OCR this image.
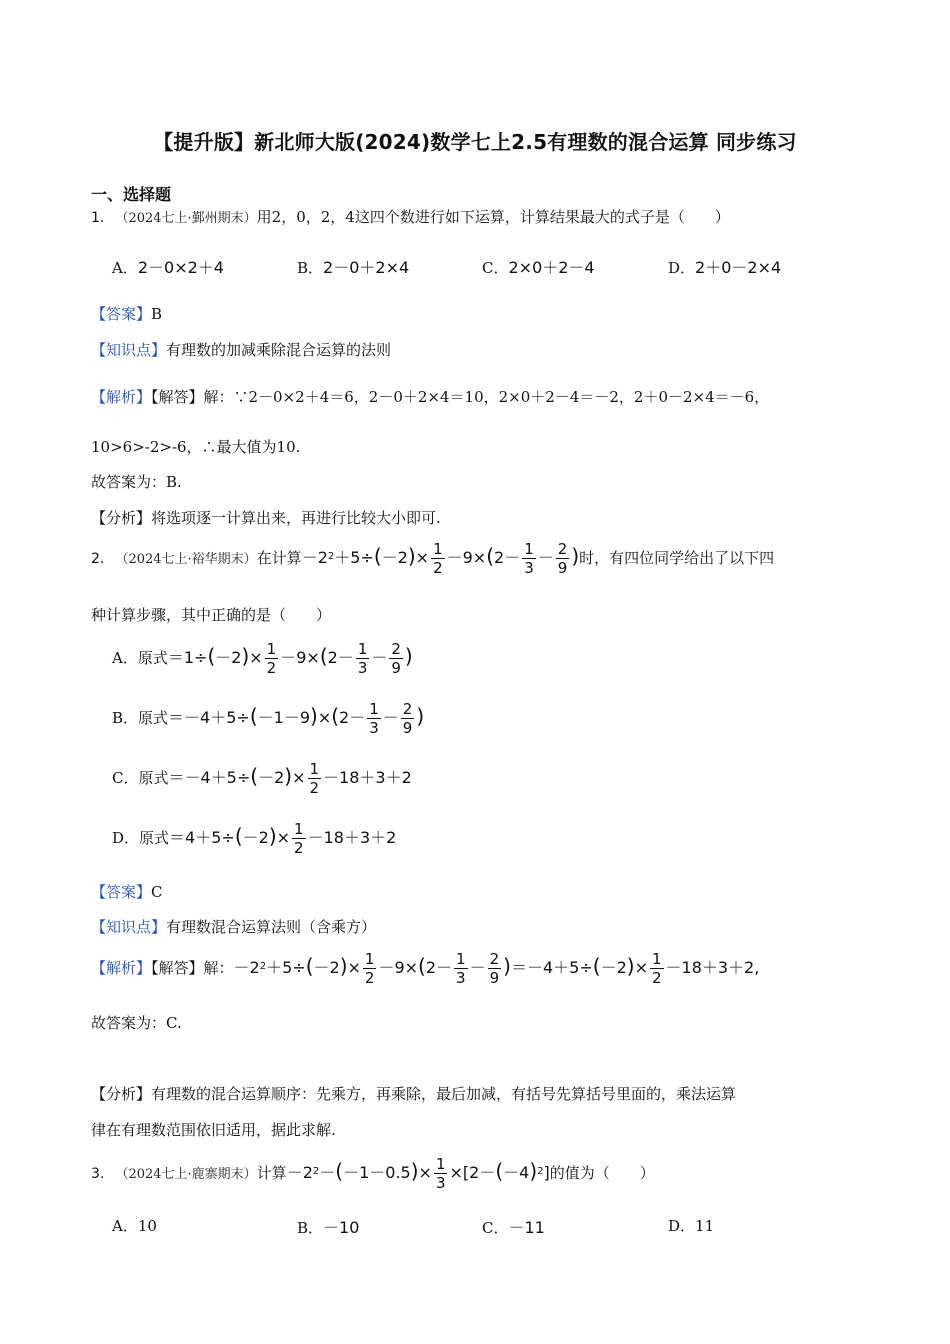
【提升版】新北师大版(2024)数学七上2.5有理数的混合运算 同步练习
一、选择题
1. （2024七上·鄞州期末）用2，0，2，4这四个数进行如下运算，计算结果最大的式子是（　　）
A．2－0×2＋4	B．2－0＋2×4	C．2×0＋2－4	D．2＋0－2×4
【答案】B
【知识点】有理数的加减乘除混合运算的法则
【解析】【解答】解：∵2－0×2＋4＝6，2－0＋2×4＝10，2×0＋2－4＝－2，2＋0－2×4＝－6，
10>6>-2>-6，∴最大值为10.
故答案为：B.
【分析】将选项逐一计算出来，再进行比较大小即可.
2. （2024七上·裕华期末）在计算$-2^2+5\div(-2)\times \frac{1}{2} -9\times(2- \frac{1}{3} - \frac{2}{9}$ )时，有四位同学给出了以下四
种计算步骤，其中正确的是（　　）
A．原式$=1\div(-2)\times \frac{1}{2} -9\times(2- \frac{1}{3} - \frac{2}{9}$ )
B．原式$=-4+5\div(-1-9)\times(2- \frac{1}{3} - \frac{2}{9}$ )
C．原式$=-4+5\div(-2)\times \frac{1}{2} -18+3+2$
D．原式$=4+5\div(-2)\times \frac{1}{2} -18+3+2$
【答案】C
【知识点】有理数混合运算法则（含乘方）
【解析】【解答】解：$-2^2+5\div(-2)\times \frac{1}{2} -9\times(2- \frac{1}{3} - \frac{2}{9} )=-4+5\div(-2)\times \frac{1}{2} -18+3+2$,
故答案为：C.
【分析】有理数的混合运算顺序：先乘方，再乘除，最后加减，有括号先算括号里面的，乘法运算
律在有理数范围依旧适用，据此求解.
3. （2024七上·鹿寨期末）计算$-2^2-(-1-0.5)\times \frac{1}{3} \times[2-(-4)^2]$的值为（　　）
A．10	B．－10	C．－11	D．11
